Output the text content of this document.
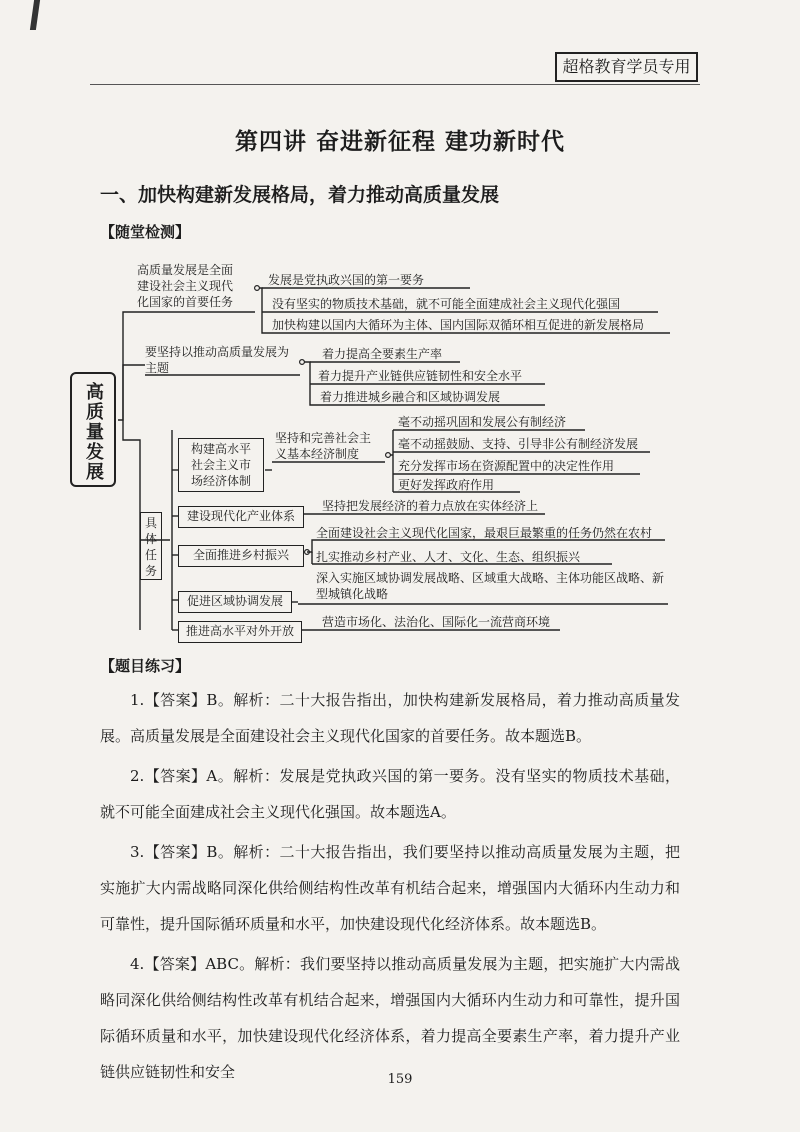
超格教育学员专用
第四讲 奋进新征程 建功新时代
一、加快构建新发展格局，着力推动高质量发展
【随堂检测】
高质量发展
高质量发展是全面
建设社会主义现代
化国家的首要任务
发展是党执政兴国的第一要务
没有坚实的物质技术基础，就不可能全面建成社会主义现代化强国
加快构建以国内大循环为主体、国内国际双循环相互促进的新发展格局
要坚持以推动高质量发展为
主题
着力提高全要素生产率
着力提升产业链供应链韧性和安全水平
着力推进城乡融合和区域协调发展
具
体
任
务
构建高水平
社会主义市
场经济体制
坚持和完善社会主
义基本经济制度
毫不动摇巩固和发展公有制经济
毫不动摇鼓励、支持、引导非公有制经济发展
充分发挥市场在资源配置中的决定性作用
更好发挥政府作用
建设现代化产业体系
坚持把发展经济的着力点放在实体经济上
全面推进乡村振兴
全面建设社会主义现代化国家，最艰巨最繁重的任务仍然在农村
扎实推动乡村产业、人才、文化、生态、组织振兴
促进区域协调发展
深入实施区域协调发展战略、区域重大战略、主体功能区战略、新
型城镇化战略
推进高水平对外开放
营造市场化、法治化、国际化一流营商环境
【题目练习】

1.【答案】B。解析：二十大报告指出，加快构建新发展格局，着力推动高质量发展。高质量发展是全面建设社会主义现代化国家的首要任务。故本题选B。

2.【答案】A。解析：发展是党执政兴国的第一要务。没有坚实的物质技术基础，就不可能全面建成社会主义现代化强国。故本题选A。

3.【答案】B。解析：二十大报告指出，我们要坚持以推动高质量发展为主题，把实施扩大内需战略同深化供给侧结构性改革有机结合起来，增强国内大循环内生动力和可靠性，提升国际循环质量和水平，加快建设现代化经济体系。故本题选B。

4.【答案】ABC。解析：我们要坚持以推动高质量发展为主题，把实施扩大内需战略同深化供给侧结构性改革有机结合起来，增强国内大循环内生动力和可靠性，提升国际循环质量和水平，加快建设现代化经济体系，着力提高全要素生产率，着力提升产业链供应链韧性和安全	159
